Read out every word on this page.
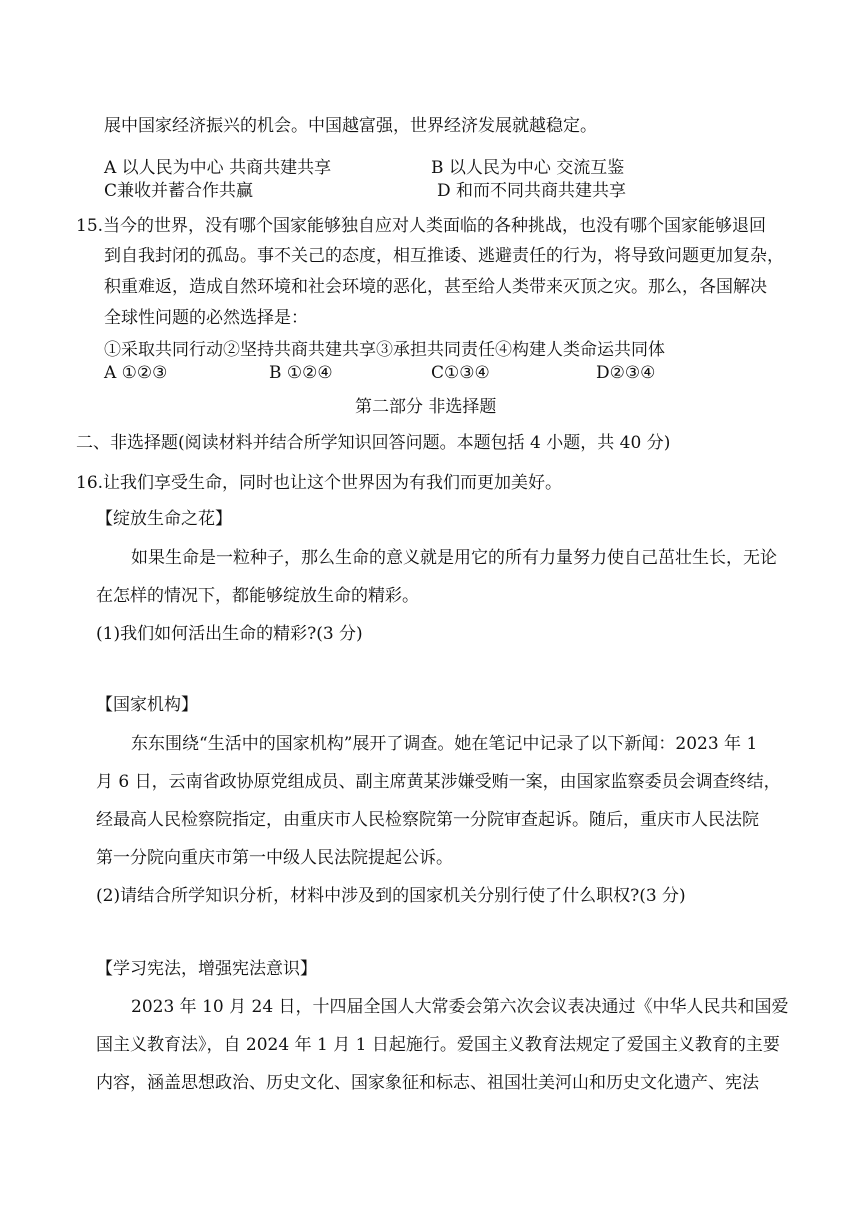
展中国家经济振兴的机会。中国越富强，世界经济发展就越稳定。
A 以人民为中心 共商共建共享	B 以人民为中心 交流互鉴
C兼收并蓄合作共赢	D 和而不同共商共建共享
15.当今的世界，没有哪个国家能够独自应对人类面临的各种挑战，也没有哪个国家能够退回
到自我封闭的孤岛。事不关己的态度，相互推诿、逃避责任的行为，将导致问题更加复杂，
积重难返，造成自然环境和社会环境的恶化，甚至给人类带来灭顶之灾。那么，各国解决
全球性问题的必然选择是：
①采取共同行动②坚持共商共建共享③承担共同责任④构建人类命运共同体
A ①②③	B ①②④	C①③④	D②③④
第二部分 非选择题
二、非选择题(阅读材料并结合所学知识回答问题。本题包括 4 小题，共 40 分)
16.让我们享受生命，同时也让这个世界因为有我们而更加美好。
【绽放生命之花】
如果生命是一粒种子，那么生命的意义就是用它的所有力量努力使自己茁壮生长，无论
在怎样的情况下，都能够绽放生命的精彩。
(1)我们如何活出生命的精彩?(3 分)
【国家机构】
东东围绕“生活中的国家机构”展开了调查。她在笔记中记录了以下新闻：2023 年 1
月 6 日，云南省政协原党组成员、副主席黄某涉嫌受贿一案，由国家监察委员会调查终结，
经最高人民检察院指定，由重庆市人民检察院第一分院审查起诉。随后，重庆市人民法院
第一分院向重庆市第一中级人民法院提起公诉。
(2)请结合所学知识分析，材料中涉及到的国家机关分别行使了什么职权?(3 分)
【学习宪法，增强宪法意识】
2023 年 10 月 24 日，十四届全国人大常委会第六次会议表决通过《中华人民共和国爱
国主义教育法》，自 2024 年 1 月 1 日起施行。爱国主义教育法规定了爱国主义教育的主要
内容，涵盖思想政治、历史文化、国家象征和标志、祖国壮美河山和历史文化遗产、宪法
